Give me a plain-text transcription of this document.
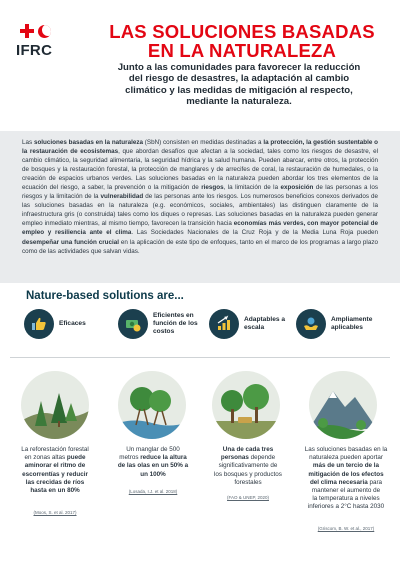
IFRC
LAS SOLUCIONES BASADAS
EN LA NATURALEZA
Junto a las comunidades para favorecer la reducción
del riesgo de desastres, la adaptación al cambio
climático y las medidas de mitigación al respecto,
mediante la naturaleza.
Las soluciones basadas en la naturaleza (SbN) consisten en medidas destinadas a la protección, la gestión sustentable o la restauración de ecosistemas, que abordan desafíos que afectan a la sociedad, tales como los riesgos de desastre, el cambio climático, la seguridad alimentaria, la seguridad hídrica y la salud humana. Pueden abarcar, entre otros, la protección de bosques y la restauración forestal, la protección de manglares y de arrecifes de coral, la restauración de humedales, o la creación de espacios urbanos verdes. Las soluciones basadas en la naturaleza pueden abordar los tres elementos de la ecuación del riesgo, a saber, la prevención o la mitigación de riesgos, la limitación de la exposición de las personas a los riesgos y la limitación de la vulnerabilidad de las personas ante los riesgos. Los numerosos beneficios conexos derivados de las soluciones basadas en la naturaleza (e.g. económicos, sociales, ambientales) las distinguen claramente de la infraestructura gris (o construida) tales como los diques o represas. Las soluciones basadas en la naturaleza pueden generar empleo inmediato mientras, al mismo tiempo, favorecen la transición hacia economías más verdes, con mayor potencial de empleo y resiliencia ante el clima. Las Sociedades Nacionales de la Cruz Roja y de la Media Luna Roja pueden desempeñar una función crucial en la aplicación de este tipo de enfoques, tanto en el marco de los programas a largo plazo como de las actividades que salvan vidas.
Nature-based solutions are...
Eficaces
Eficientes en
función de los
costos
Adaptables a
escala
Ampliamente
aplicables
La reforestación forestal
en zonas altas puede
aminorar el ritmo de
escorrentías y reducir
las crecidas de ríos
hasta en un 80%
(Moos, S. et al. 2017)
Un manglar de 500
metros reduce la altura
de las olas en un 50% a
un 100%
(Losada, I.J. et al. 2018)
Una de cada tres
personas depende
significativamente de
los bosques y productos
forestales
(FAO & UNEP, 2020)
Las soluciones basadas en la
naturaleza pueden aportar
más de un tercio de la
mitigación de los efectos
del clima necesaria para
mantener el aumento de
la temperatura a niveles
inferiores a 2°C hasta 2030
(Griscom, B. W. et al., 2017)
